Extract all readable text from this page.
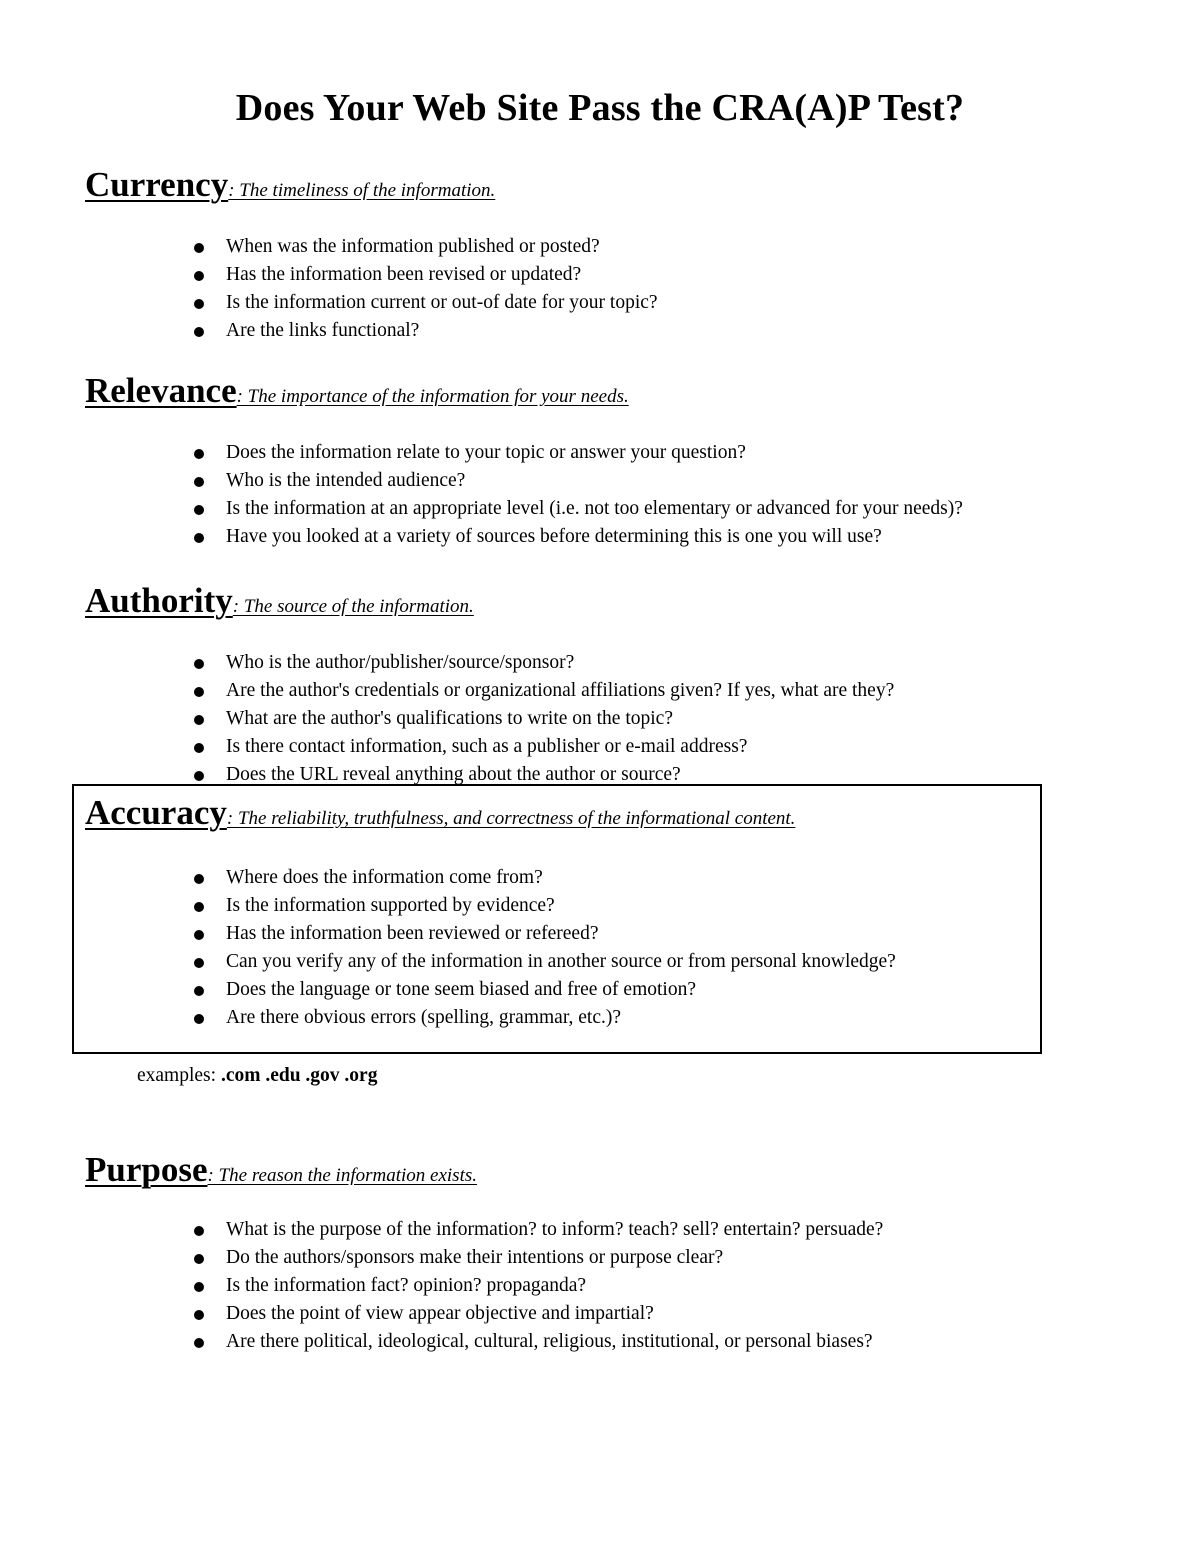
Does Your Web Site Pass the CRA(A)P Test?
Currency: The timeliness of the information.
When was the information published or posted?
Has the information been revised or updated?
Is the information current or out-of date for your topic?
Are the links functional?
Relevance: The importance of the information for your needs.
Does the information relate to your topic or answer your question?
Who is the intended audience?
Is the information at an appropriate level (i.e. not too elementary or advanced for your needs)?
Have you looked at a variety of sources before determining this is one you will use?
Authority: The source of the information.
Who is the author/publisher/source/sponsor?
Are the author's credentials or organizational affiliations given? If yes, what are they?
What are the author's qualifications to write on the topic?
Is there contact information, such as a publisher or e-mail address?
Does the URL reveal anything about the author or source?
Accuracy: The reliability, truthfulness, and correctness of the informational content.
Where does the information come from?
Is the information supported by evidence?
Has the information been reviewed or refereed?
Can you verify any of the information in another source or from personal knowledge?
Does the language or tone seem biased and free of emotion?
Are there obvious errors (spelling, grammar, etc.)?
examples: .com .edu .gov .org
Purpose: The reason the information exists.
What is the purpose of the information? to inform? teach? sell? entertain? persuade?
Do the authors/sponsors make their intentions or purpose clear?
Is the information fact? opinion? propaganda?
Does the point of view appear objective and impartial?
Are there political, ideological, cultural, religious, institutional, or personal biases?
